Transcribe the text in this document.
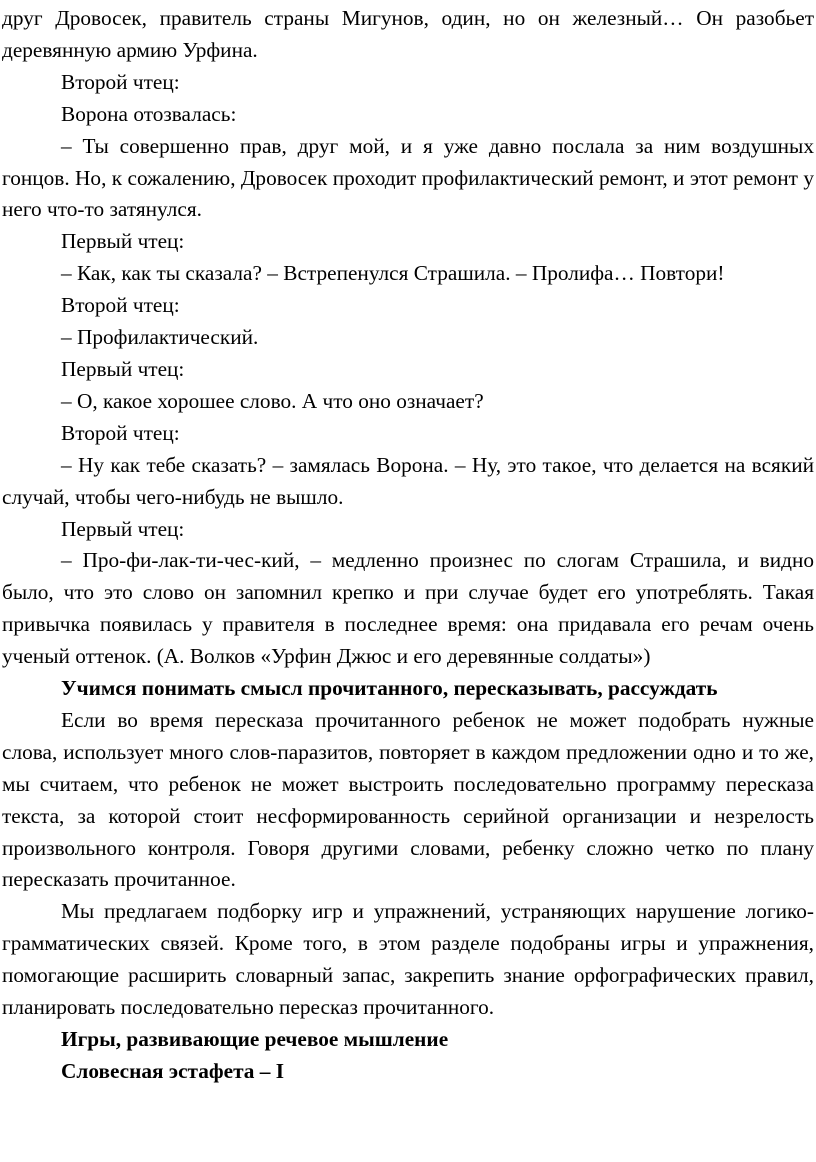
друг Дровосек, правитель страны Мигунов, один, но он железный… Он разобьет деревянную армию Урфина.

Второй чтец:

Ворона отозвалась:

– Ты совершенно прав, друг мой, и я уже давно послала за ним воздушных гонцов. Но, к сожалению, Дровосек проходит профилактический ремонт, и этот ремонт у него что-то затянулся.

Первый чтец:

– Как, как ты сказала? – Встрепенулся Страшила. – Пролифа… Повтори!

Второй чтец:

– Профилактический.

Первый чтец:

– О, какое хорошее слово. А что оно означает?

Второй чтец:

– Ну как тебе сказать? – замялась Ворона. – Ну, это такое, что делается на всякий случай, чтобы чего-нибудь не вышло.

Первый чтец:

– Про-фи-лак-ти-чес-кий, – медленно произнес по слогам Страшила, и видно было, что это слово он запомнил крепко и при случае будет его употреблять. Такая привычка появилась у правителя в последнее время: она придавала его речам очень ученый оттенок. (А. Волков «Урфин Джюс и его деревянные солдаты»)

Учимся понимать смысл прочитанного, пересказывать, рассуждать

Если во время пересказа прочитанного ребенок не может подобрать нужные слова, использует много слов-паразитов, повторяет в каждом предложении одно и то же, мы считаем, что ребенок не может выстроить последовательно программу пересказа текста, за которой стоит несформированность серийной организации и незрелость произвольного контроля. Говоря другими словами, ребенку сложно четко по плану пересказать прочитанное.

Мы предлагаем подборку игр и упражнений, устраняющих нарушение логико-грамматических связей. Кроме того, в этом разделе подобраны игры и упражнения, помогающие расширить словарный запас, закрепить знание орфографических правил, планировать последовательно пересказ прочитанного.

Игры, развивающие речевое мышление

Словесная эстафета – I
